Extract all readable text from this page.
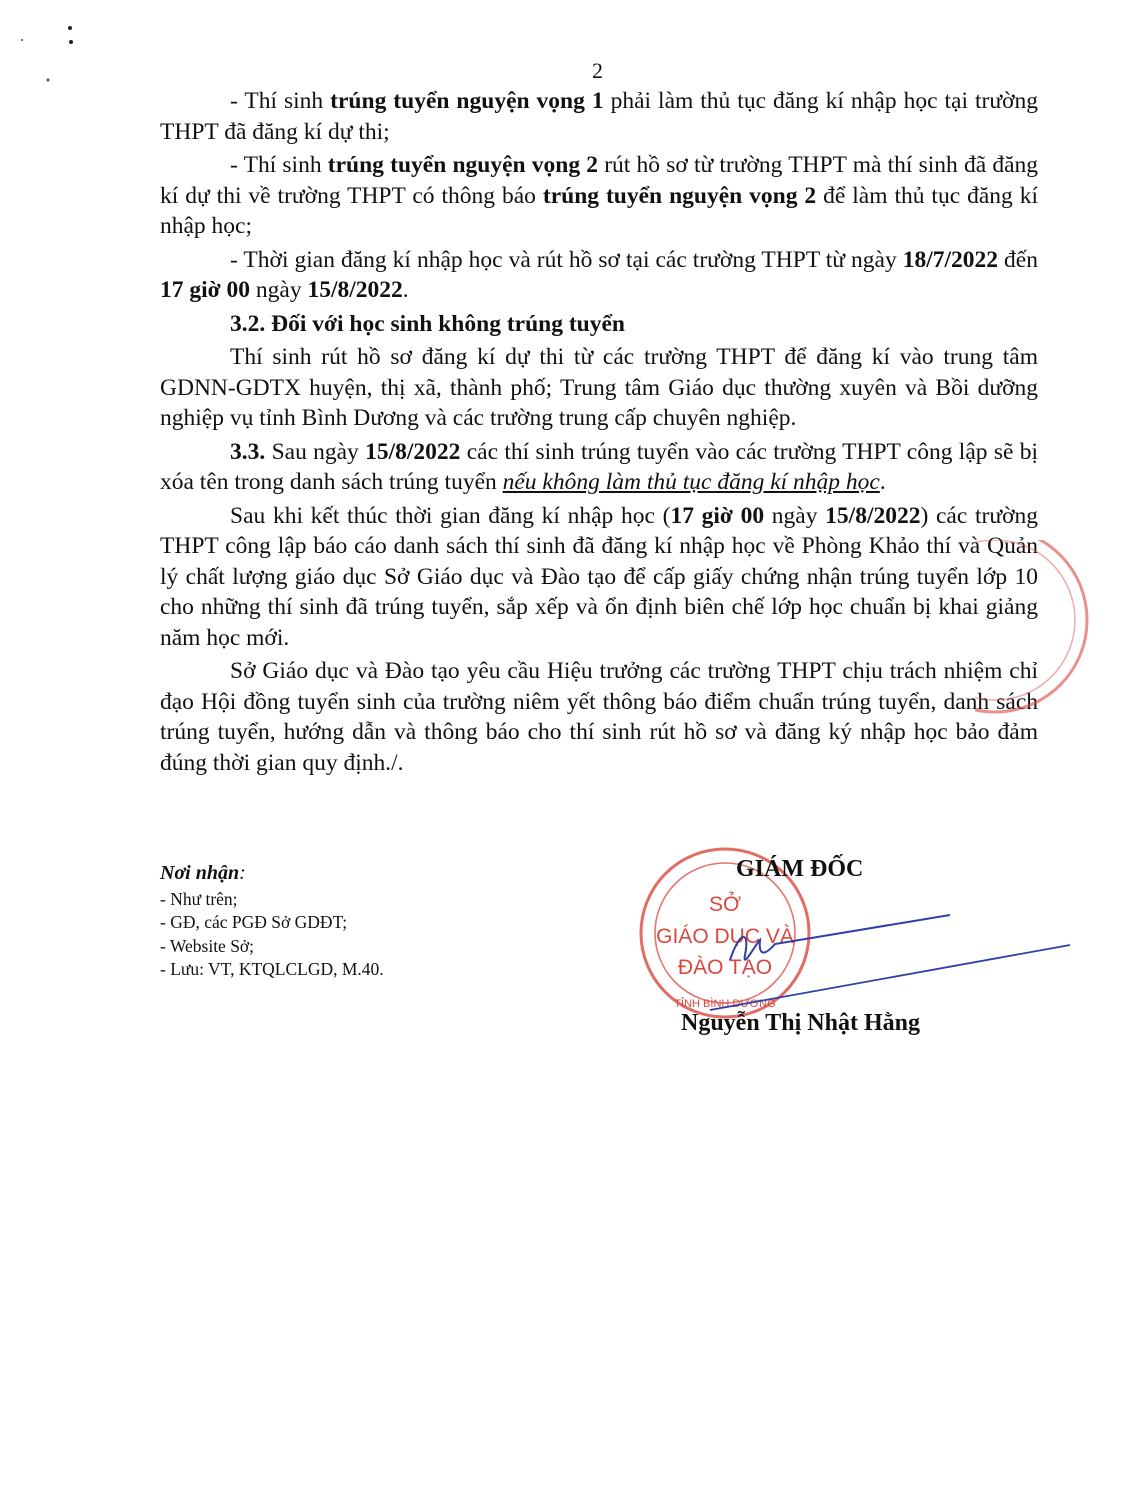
2

- Thí sinh trúng tuyển nguyện vọng 1 phải làm thủ tục đăng kí nhập học tại trường THPT đã đăng kí dự thi;

- Thí sinh trúng tuyển nguyện vọng 2 rút hồ sơ từ trường THPT mà thí sinh đã đăng kí dự thi về trường THPT có thông báo trúng tuyển nguyện vọng 2 để làm thủ tục đăng kí nhập học;

- Thời gian đăng kí nhập học và rút hồ sơ tại các trường THPT từ ngày 18/7/2022 đến 17 giờ 00 ngày 15/8/2022.

3.2. Đối với học sinh không trúng tuyển

Thí sinh rút hồ sơ đăng kí dự thi từ các trường THPT để đăng kí vào trung tâm GDNN-GDTX huyện, thị xã, thành phố; Trung tâm Giáo dục thường xuyên và Bồi dưỡng nghiệp vụ tỉnh Bình Dương và các trường trung cấp chuyên nghiệp.

3.3. Sau ngày 15/8/2022 các thí sinh trúng tuyển vào các trường THPT công lập sẽ bị xóa tên trong danh sách trúng tuyển nếu không làm thủ tục đăng kí nhập học.

Sau khi kết thúc thời gian đăng kí nhập học (17 giờ 00 ngày 15/8/2022) các trường THPT công lập báo cáo danh sách thí sinh đã đăng kí nhập học về Phòng Khảo thí và Quản lý chất lượng giáo dục Sở Giáo dục và Đào tạo để cấp giấy chứng nhận trúng tuyển lớp 10 cho những thí sinh đã trúng tuyển, sắp xếp và ổn định biên chế lớp học chuẩn bị khai giảng năm học mới.

Sở Giáo dục và Đào tạo yêu cầu Hiệu trưởng các trường THPT chịu trách nhiệm chỉ đạo Hội đồng tuyển sinh của trường niêm yết thông báo điểm chuẩn trúng tuyển, danh sách trúng tuyển, hướng dẫn và thông báo cho thí sinh rút hồ sơ và đăng ký nhập học bảo đảm đúng thời gian quy định./.

Nơi nhận:
- Như trên;
- GĐ, các PGĐ Sở GDĐT;
- Website Sở;
- Lưu: VT, KTQLCLGD, M.40.
SỞ
GIÁO DỤC VÀ
ĐÀO TẠO
TỈNH BÌNH DƯƠNG
GIÁM ĐỐC
Nguyễn Thị Nhật Hằng
